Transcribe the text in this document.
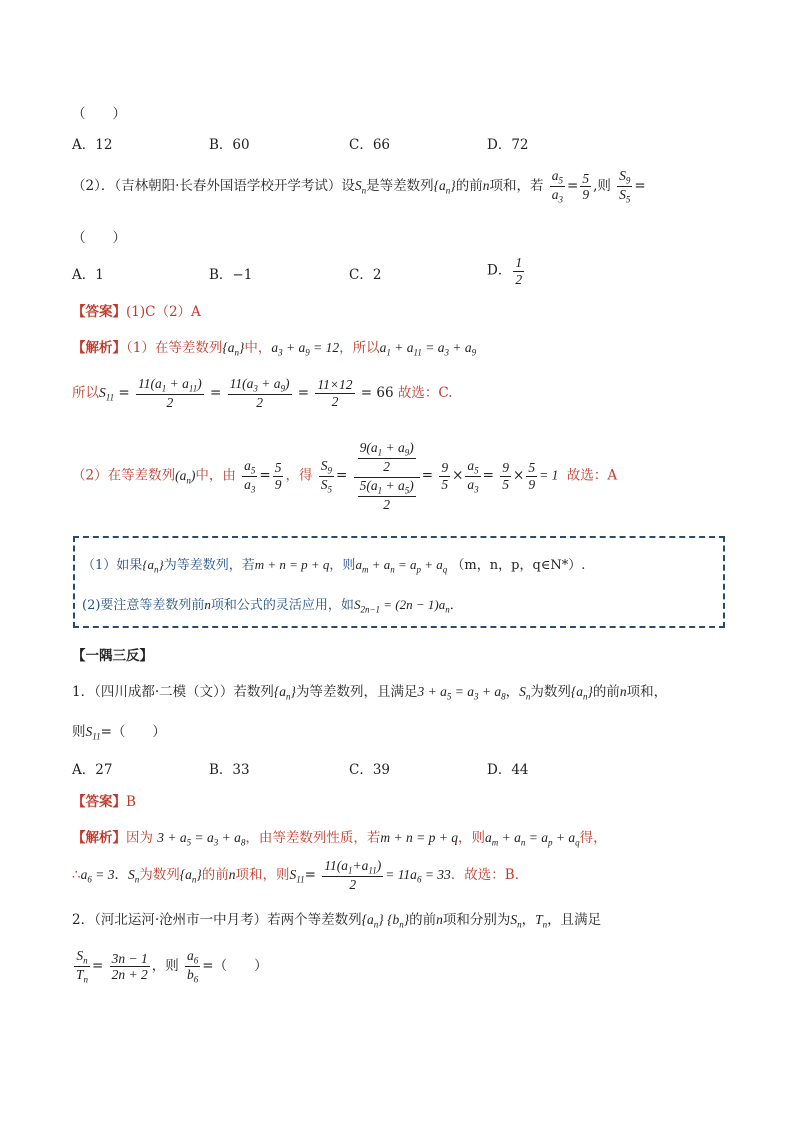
（　　）
A．12	B．60	C．66	D．72
（2）．（吉林朝阳·长春外国语学校开学考试）设$S_n$是等差数列$\{a_n\}$的前n项和，若 $\frac{a_5}{a_3} = \frac{5}{9}$ ,则 $\frac{S_9}{S_5}$ =
（　　）
A．1	B．−1	C．2	D． $\frac{1}{2}$
【答案】(1)C（2）A
【解析】（1）在等差数列$\{a_n\}$中，$a_3 + a_9 = 12$，所以$a_1 + a_{11} = a_3 + a_9$
所以$S_{11} = \frac{11(a_1 + a_{11})}{2} = \frac{11(a_3 + a_9)}{2} = \frac{11\times 12}{2} = 66$ 故选：C.
（2）在等差数列$(a_n)$中，由 $\frac{a_5}{a_3} = \frac{5}{9}$ ，得 $\frac{S_9}{S_5} = \frac{\frac{9(a_1 + a_9)}{2}}{\frac{5(a_1 + a_5)}{2}} = \frac{9}{5} \times \frac{a_5}{a_3} = \frac{9}{5} \times \frac{5}{9} = 1$ 故选：A
（1）如果$\{a_n\}$为等差数列，若m + n = p + q，则$a_m + a_n = a_p + a_q$ （m，n，p，q∈N*）.
(2)要注意等差数列前n项和公式的灵活应用，如$S_{2n-1} = (2n - 1)a_n$．
【一隅三反】
1．（四川成都·二模（文））若数列$\{a_n\}$为等差数列，且满足$3 + a_5 = a_3 + a_8$，$S_n$为数列$\{a_n\}$的前n项和，
则$S_{11}=$（　　）
A．27	B．33	C．39	D．44
【答案】B
【解析】因为 $3 + a_5 = a_3 + a_8$，由等差数列性质，若m + n = p + q，则$a_m + a_n = a_p + a_q$得，
$\therefore a_6 = 3$．$S_n$为数列$\{a_n\}$的前n项和，则$S_{11}= \frac{11(a_1+a_{11})}{2} = 11a_6 = 33$．故选：B．
2．（河北运河·沧州市一中月考）若两个等差数列$\{a_n\}$ $\{b_n\}$的前n项和分别为$S_n$，$T_n$，且满足
$\frac{S_n}{T_n} = \frac{3n - 1}{2n + 2}$ ，则 $\frac{a_6}{b_6}$ =（　　）
